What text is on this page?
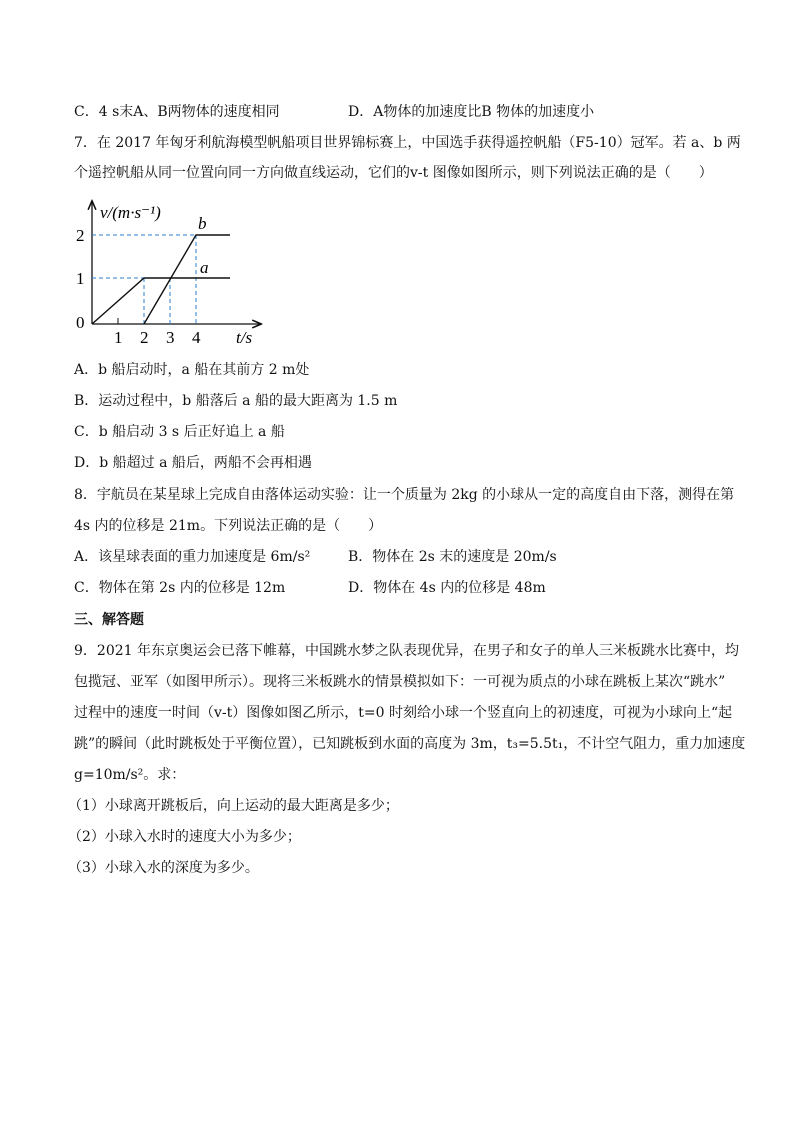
C．4 s末A、B两物体的速度相同	D．A物体的加速度比B 物体的加速度小
7．在 2017 年匈牙利航海模型帆船项目世界锦标赛上，中国选手获得遥控帆船（F5-10）冠军。若 a、b 两
个遥控帆船从同一位置向同一方向做直线运动，它们的v-t 图像如图所示，则下列说法正确的是（　　）
v/(m·s⁻¹)
2
1
0
1 2 3 4 t/s
b
a
A．b 船启动时，a 船在其前方 2 m处
B．运动过程中，b 船落后 a 船的最大距离为 1.5 m
C．b 船启动 3 s 后正好追上 a 船
D．b 船超过 a 船后，两船不会再相遇
8．宇航员在某星球上完成自由落体运动实验：让一个质量为 2kg 的小球从一定的高度自由下落，测得在第
4s 内的位移是 21m。下列说法正确的是（　　）
A．该星球表面的重力加速度是 6m/s²	B．物体在 2s 末的速度是 20m/s
C．物体在第 2s 内的位移是 12m	D．物体在 4s 内的位移是 48m
三、解答题
9．2021 年东京奥运会已落下帷幕，中国跳水梦之队表现优异，在男子和女子的单人三米板跳水比赛中，均
包揽冠、亚军（如图甲所示）。现将三米板跳水的情景模拟如下：一可视为质点的小球在跳板上某次“跳水”
过程中的速度一时间（v-t）图像如图乙所示，t=0 时刻给小球一个竖直向上的初速度，可视为小球向上“起
跳”的瞬间（此时跳板处于平衡位置），已知跳板到水面的高度为 3m，t₃=5.5t₁，不计空气阻力，重力加速度
g=10m/s²。求：
（1）小球离开跳板后，向上运动的最大距离是多少；
（2）小球入水时的速度大小为多少；
（3）小球入水的深度为多少。
